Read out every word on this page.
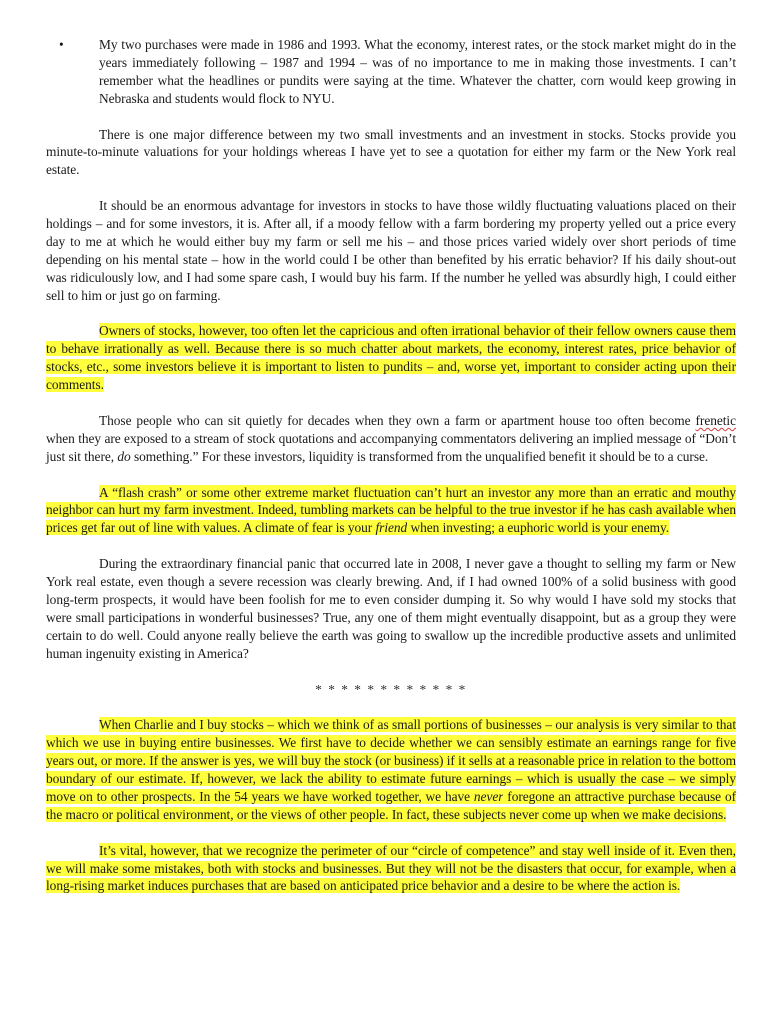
•	My two purchases were made in 1986 and 1993. What the economy, interest rates, or the stock market might do in the years immediately following – 1987 and 1994 – was of no importance to me in making those investments. I can’t remember what the headlines or pundits were saying at the time. Whatever the chatter, corn would keep growing in Nebraska and students would flock to NYU.

There is one major difference between my two small investments and an investment in stocks. Stocks provide you minute-to-minute valuations for your holdings whereas I have yet to see a quotation for either my farm or the New York real estate.

It should be an enormous advantage for investors in stocks to have those wildly fluctuating valuations placed on their holdings – and for some investors, it is. After all, if a moody fellow with a farm bordering my property yelled out a price every day to me at which he would either buy my farm or sell me his – and those prices varied widely over short periods of time depending on his mental state – how in the world could I be other than benefited by his erratic behavior? If his daily shout-out was ridiculously low, and I had some spare cash, I would buy his farm. If the number he yelled was absurdly high, I could either sell to him or just go on farming.

Owners of stocks, however, too often let the capricious and often irrational behavior of their fellow owners cause them to behave irrationally as well. Because there is so much chatter about markets, the economy, interest rates, price behavior of stocks, etc., some investors believe it is important to listen to pundits – and, worse yet, important to consider acting upon their comments.

Those people who can sit quietly for decades when they own a farm or apartment house too often become frenetic when they are exposed to a stream of stock quotations and accompanying commentators delivering an implied message of “Don’t just sit there, do something.” For these investors, liquidity is transformed from the unqualified benefit it should be to a curse.

A “flash crash” or some other extreme market fluctuation can’t hurt an investor any more than an erratic and mouthy neighbor can hurt my farm investment. Indeed, tumbling markets can be helpful to the true investor if he has cash available when prices get far out of line with values. A climate of fear is your friend when investing; a euphoric world is your enemy.

During the extraordinary financial panic that occurred late in 2008, I never gave a thought to selling my farm or New York real estate, even though a severe recession was clearly brewing. And, if I had owned 100% of a solid business with good long-term prospects, it would have been foolish for me to even consider dumping it. So why would I have sold my stocks that were small participations in wonderful businesses? True, any one of them might eventually disappoint, but as a group they were certain to do well. Could anyone really believe the earth was going to swallow up the incredible productive assets and unlimited human ingenuity existing in America?

* * * * * * * * * * * *

When Charlie and I buy stocks – which we think of as small portions of businesses – our analysis is very similar to that which we use in buying entire businesses. We first have to decide whether we can sensibly estimate an earnings range for five years out, or more. If the answer is yes, we will buy the stock (or business) if it sells at a reasonable price in relation to the bottom boundary of our estimate. If, however, we lack the ability to estimate future earnings – which is usually the case – we simply move on to other prospects. In the 54 years we have worked together, we have never foregone an attractive purchase because of the macro or political environment, or the views of other people. In fact, these subjects never come up when we make decisions.

It’s vital, however, that we recognize the perimeter of our “circle of competence” and stay well inside of it. Even then, we will make some mistakes, both with stocks and businesses. But they will not be the disasters that occur, for example, when a long-rising market induces purchases that are based on anticipated price behavior and a desire to be where the action is.
